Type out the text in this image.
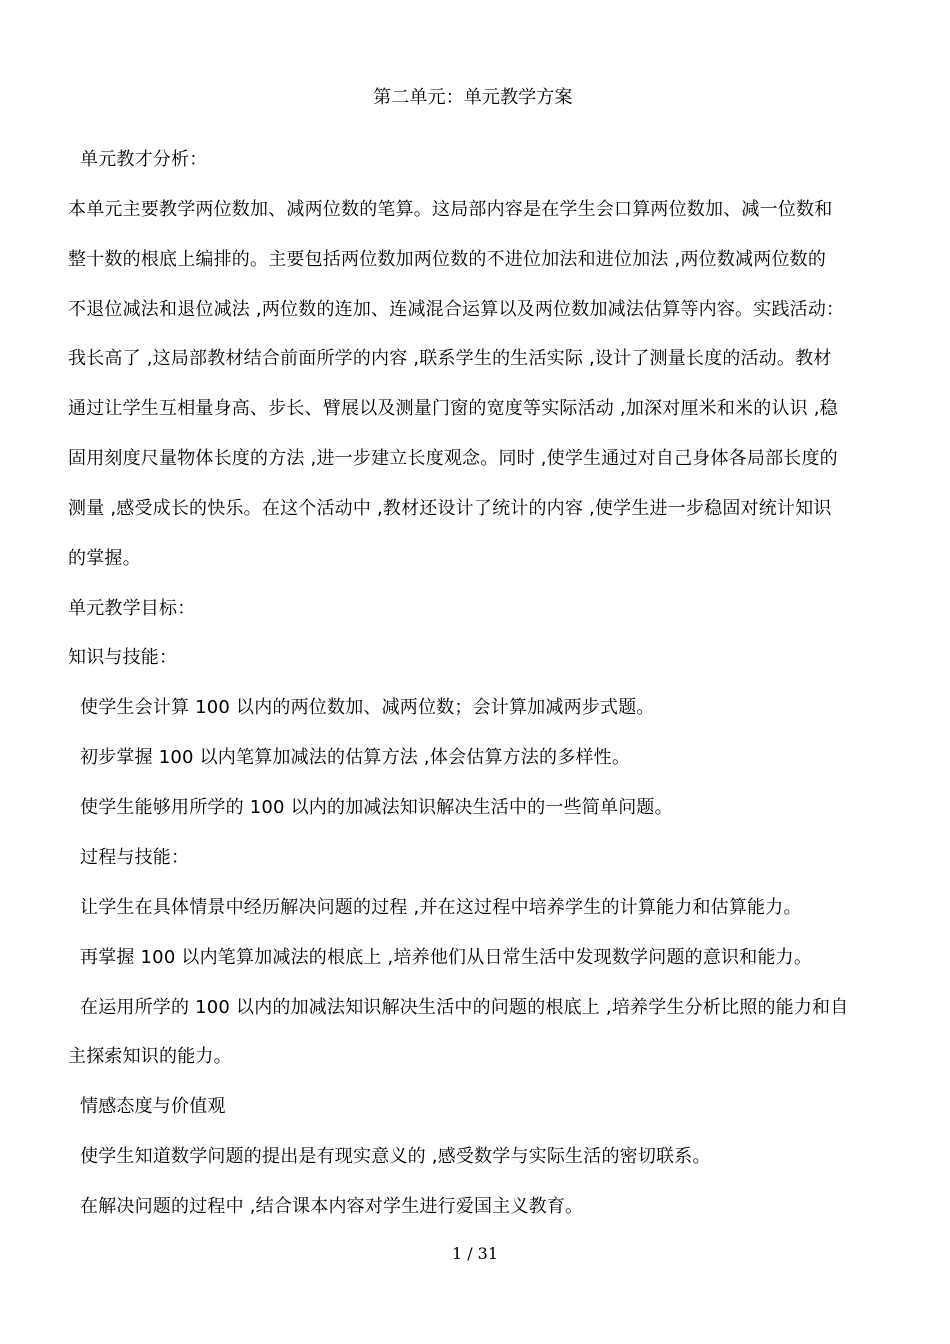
第二单元：单元教学方案
单元教才分析：
本单元主要教学两位数加、减两位数的笔算。这局部内容是在学生会口算两位数加、减一位数和
整十数的根底上编排的。主要包括两位数加两位数的不进位加法和进位加法 ,两位数减两位数的
不退位减法和退位减法 ,两位数的连加、连减混合运算以及两位数加减法估算等内容。实践活动：
我长高了 ,这局部教材结合前面所学的内容 ,联系学生的生活实际 ,设计了测量长度的活动。教材
通过让学生互相量身高、步长、臂展以及测量门窗的宽度等实际活动 ,加深对厘米和米的认识 ,稳
固用刻度尺量物体长度的方法 ,进一步建立长度观念。同时 ,使学生通过对自己身体各局部长度的
测量 ,感受成长的快乐。在这个活动中 ,教材还设计了统计的内容 ,使学生进一步稳固对统计知识
的掌握。
单元教学目标：
知识与技能：
使学生会计算 100 以内的两位数加、减两位数；会计算加减两步式题。
初步掌握 100 以内笔算加减法的估算方法 ,体会估算方法的多样性。
使学生能够用所学的 100 以内的加减法知识解决生活中的一些简单问题。
过程与技能：
让学生在具体情景中经历解决问题的过程 ,并在这过程中培养学生的计算能力和估算能力。
再掌握 100 以内笔算加减法的根底上 ,培养他们从日常生活中发现数学问题的意识和能力。
在运用所学的 100 以内的加减法知识解决生活中的问题的根底上 ,培养学生分析比照的能力和自
主探索知识的能力。
情感态度与价值观
使学生知道数学问题的提出是有现实意义的 ,感受数学与实际生活的密切联系。
在解决问题的过程中 ,结合课本内容对学生进行爱国主义教育。
1 / 31
